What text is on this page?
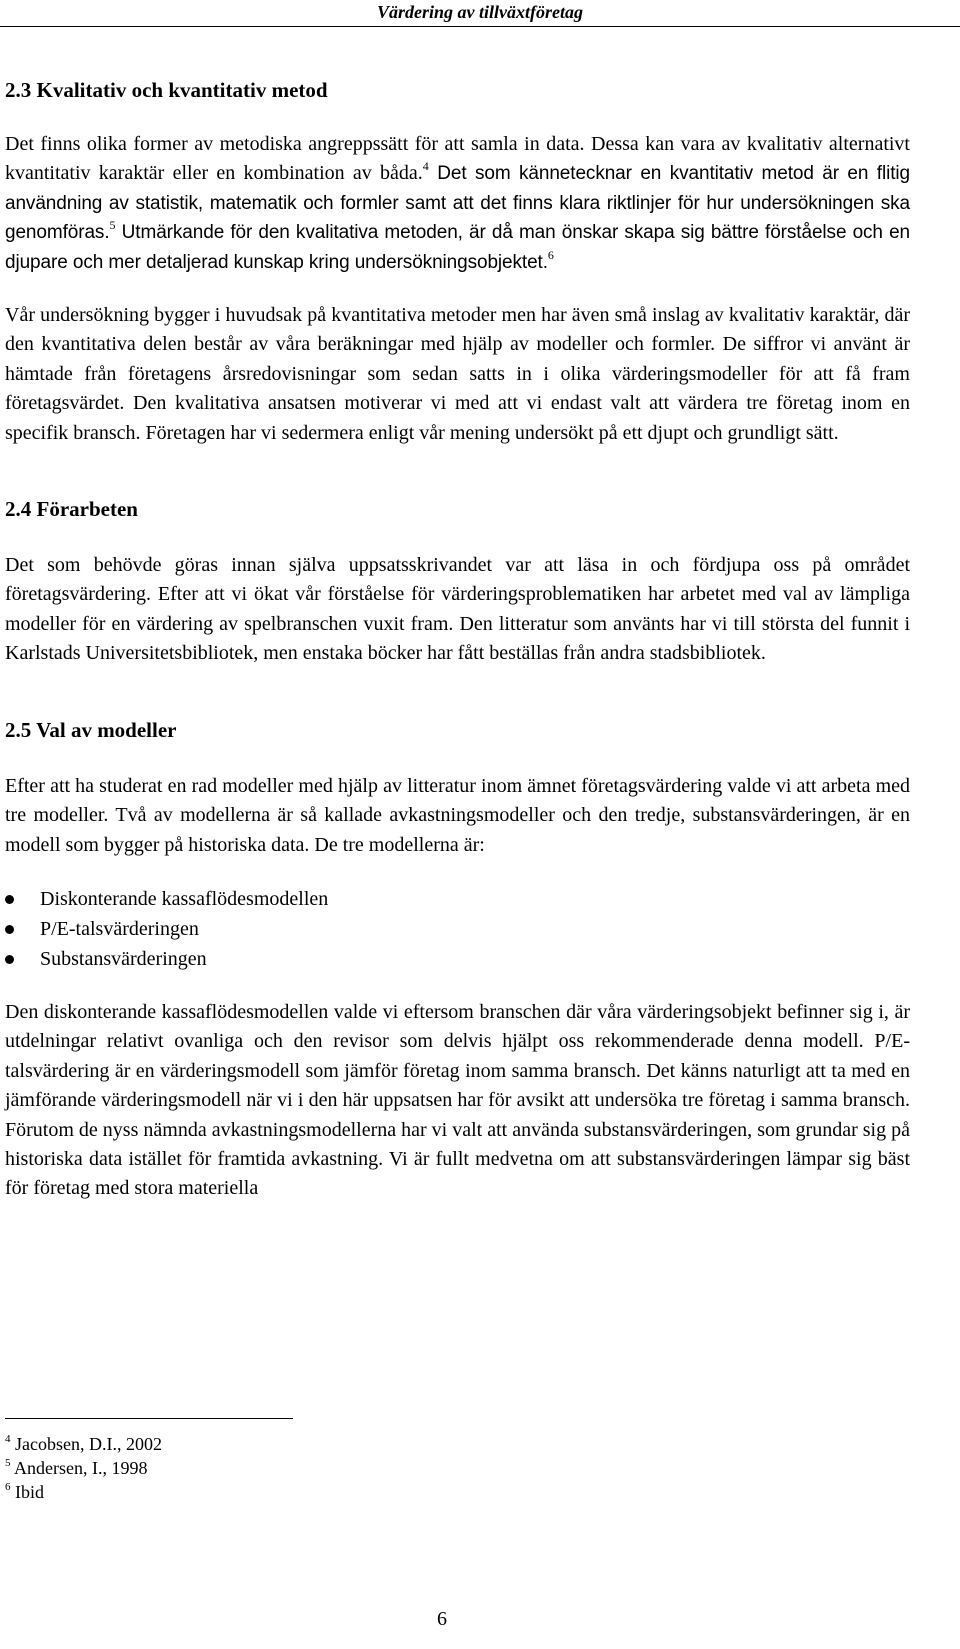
Värdering av tillväxtföretag
2.3 Kvalitativ och kvantitativ metod

Det finns olika former av metodiska angreppssätt för att samla in data. Dessa kan vara av kvalitativ alternativt kvantitativ karaktär eller en kombination av båda.$^4$ Det som kännetecknar en kvantitativ metod är en flitig användning av statistik, matematik och formler samt att det finns klara riktlinjer för hur undersökningen ska genomföras.$^5$ Utmärkande för den kvalitativa metoden, är då man önskar skapa sig bättre förståelse och en djupare och mer detaljerad kunskap kring undersökningsobjektet.$^6$

Vår undersökning bygger i huvudsak på kvantitativa metoder men har även små inslag av kvalitativ karaktär, där den kvantitativa delen består av våra beräkningar med hjälp av modeller och formler. De siffror vi använt är hämtade från företagens årsredovisningar som sedan satts in i olika värderingsmodeller för att få fram företagsvärdet. Den kvalitativa ansatsen motiverar vi med att vi endast valt att värdera tre företag inom en specifik bransch. Företagen har vi sedermera enligt vår mening undersökt på ett djupt och grundligt sätt.

2.4 Förarbeten

Det som behövde göras innan själva uppsatsskrivandet var att läsa in och fördjupa oss på området företagsvärdering. Efter att vi ökat vår förståelse för värderingsproblematiken har arbetet med val av lämpliga modeller för en värdering av spelbranschen vuxit fram. Den litteratur som använts har vi till största del funnit i Karlstads Universitetsbibliotek, men enstaka böcker har fått beställas från andra stadsbibliotek.

2.5 Val av modeller

Efter att ha studerat en rad modeller med hjälp av litteratur inom ämnet företagsvärdering valde vi att arbeta med tre modeller. Två av modellerna är så kallade avkastningsmodeller och den tredje, substansvärderingen, är en modell som bygger på historiska data. De tre modellerna är:

Diskonterande kassaflödesmodellen
P/E-talsvärderingen
Substansvärderingen

Den diskonterande kassaflödesmodellen valde vi eftersom branschen där våra värderingsobjekt befinner sig i, är utdelningar relativt ovanliga och den revisor som delvis hjälpt oss rekommenderade denna modell. P/E-talsvärdering är en värderingsmodell som jämför företag inom samma bransch. Det känns naturligt att ta med en jämförande värderingsmodell när vi i den här uppsatsen har för avsikt att undersöka tre företag i samma bransch. Förutom de nyss nämnda avkastningsmodellerna har vi valt att använda substansvärderingen, som grundar sig på historiska data istället för framtida avkastning. Vi är fullt medvetna om att substansvärderingen lämpar sig bäst för företag med stora materiella

$^4$ Jacobsen, D.I., 2002
$^5$ Andersen, I., 1998
$^6$ Ibid
6
